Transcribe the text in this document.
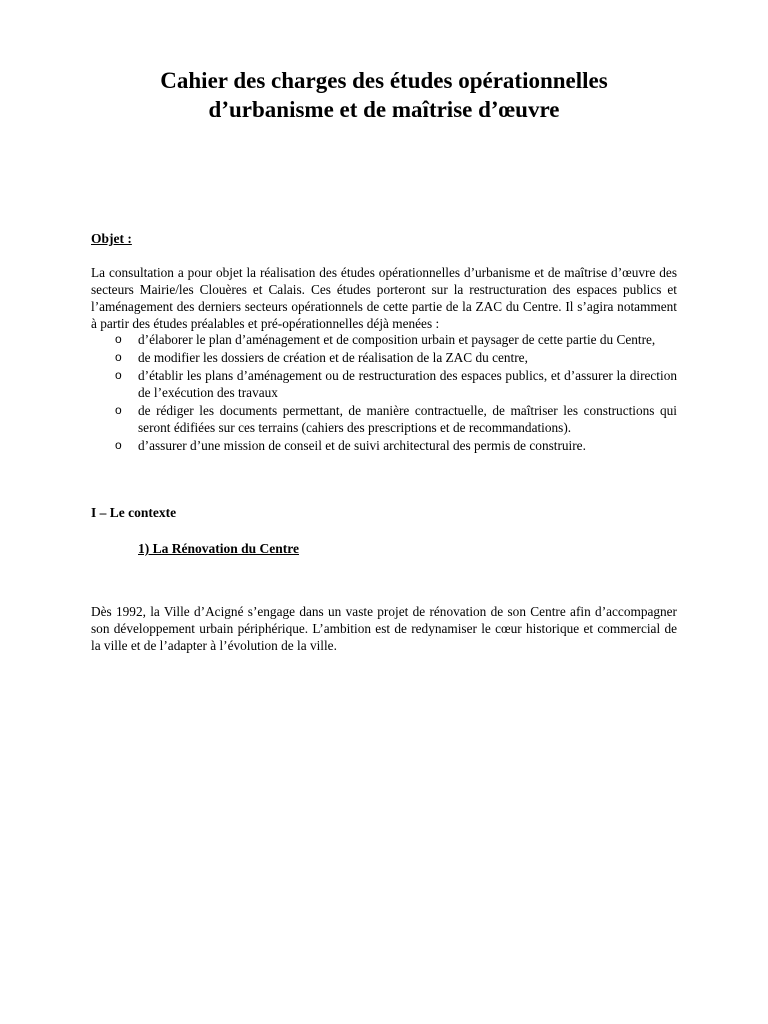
Cahier des charges des études opérationnelles
d’urbanisme et de maîtrise d’œuvre
Objet :

La consultation a pour objet la réalisation des études opérationnelles d’urbanisme et de maîtrise d’œuvre des secteurs Mairie/les Clouères et Calais. Ces études porteront sur la restructuration des espaces publics et l’aménagement des derniers secteurs opérationnels de cette partie de la ZAC du Centre. Il s’agira notamment à partir des études préalables et pré-opérationnelles déjà menées :

o d’élaborer le plan d’aménagement et de composition urbain et paysager de cette partie du Centre,
o de modifier les dossiers de création et de réalisation de la ZAC du centre,
o d’établir les plans d’aménagement ou de restructuration des espaces publics, et d’assurer la direction de l’exécution des travaux
o de rédiger les documents permettant, de manière contractuelle, de maîtriser les constructions qui seront édifiées sur ces terrains (cahiers des prescriptions et de recommandations).
o d’assurer d’une mission de conseil et de suivi architectural des permis de construire.
I – Le contexte
1) La Rénovation du Centre

Dès 1992, la Ville d’Acigné s’engage dans un vaste projet de rénovation de son Centre afin d’accompagner son développement urbain périphérique. L’ambition est de redynamiser le cœur historique et commercial de la ville et de l’adapter à l’évolution de la ville.
